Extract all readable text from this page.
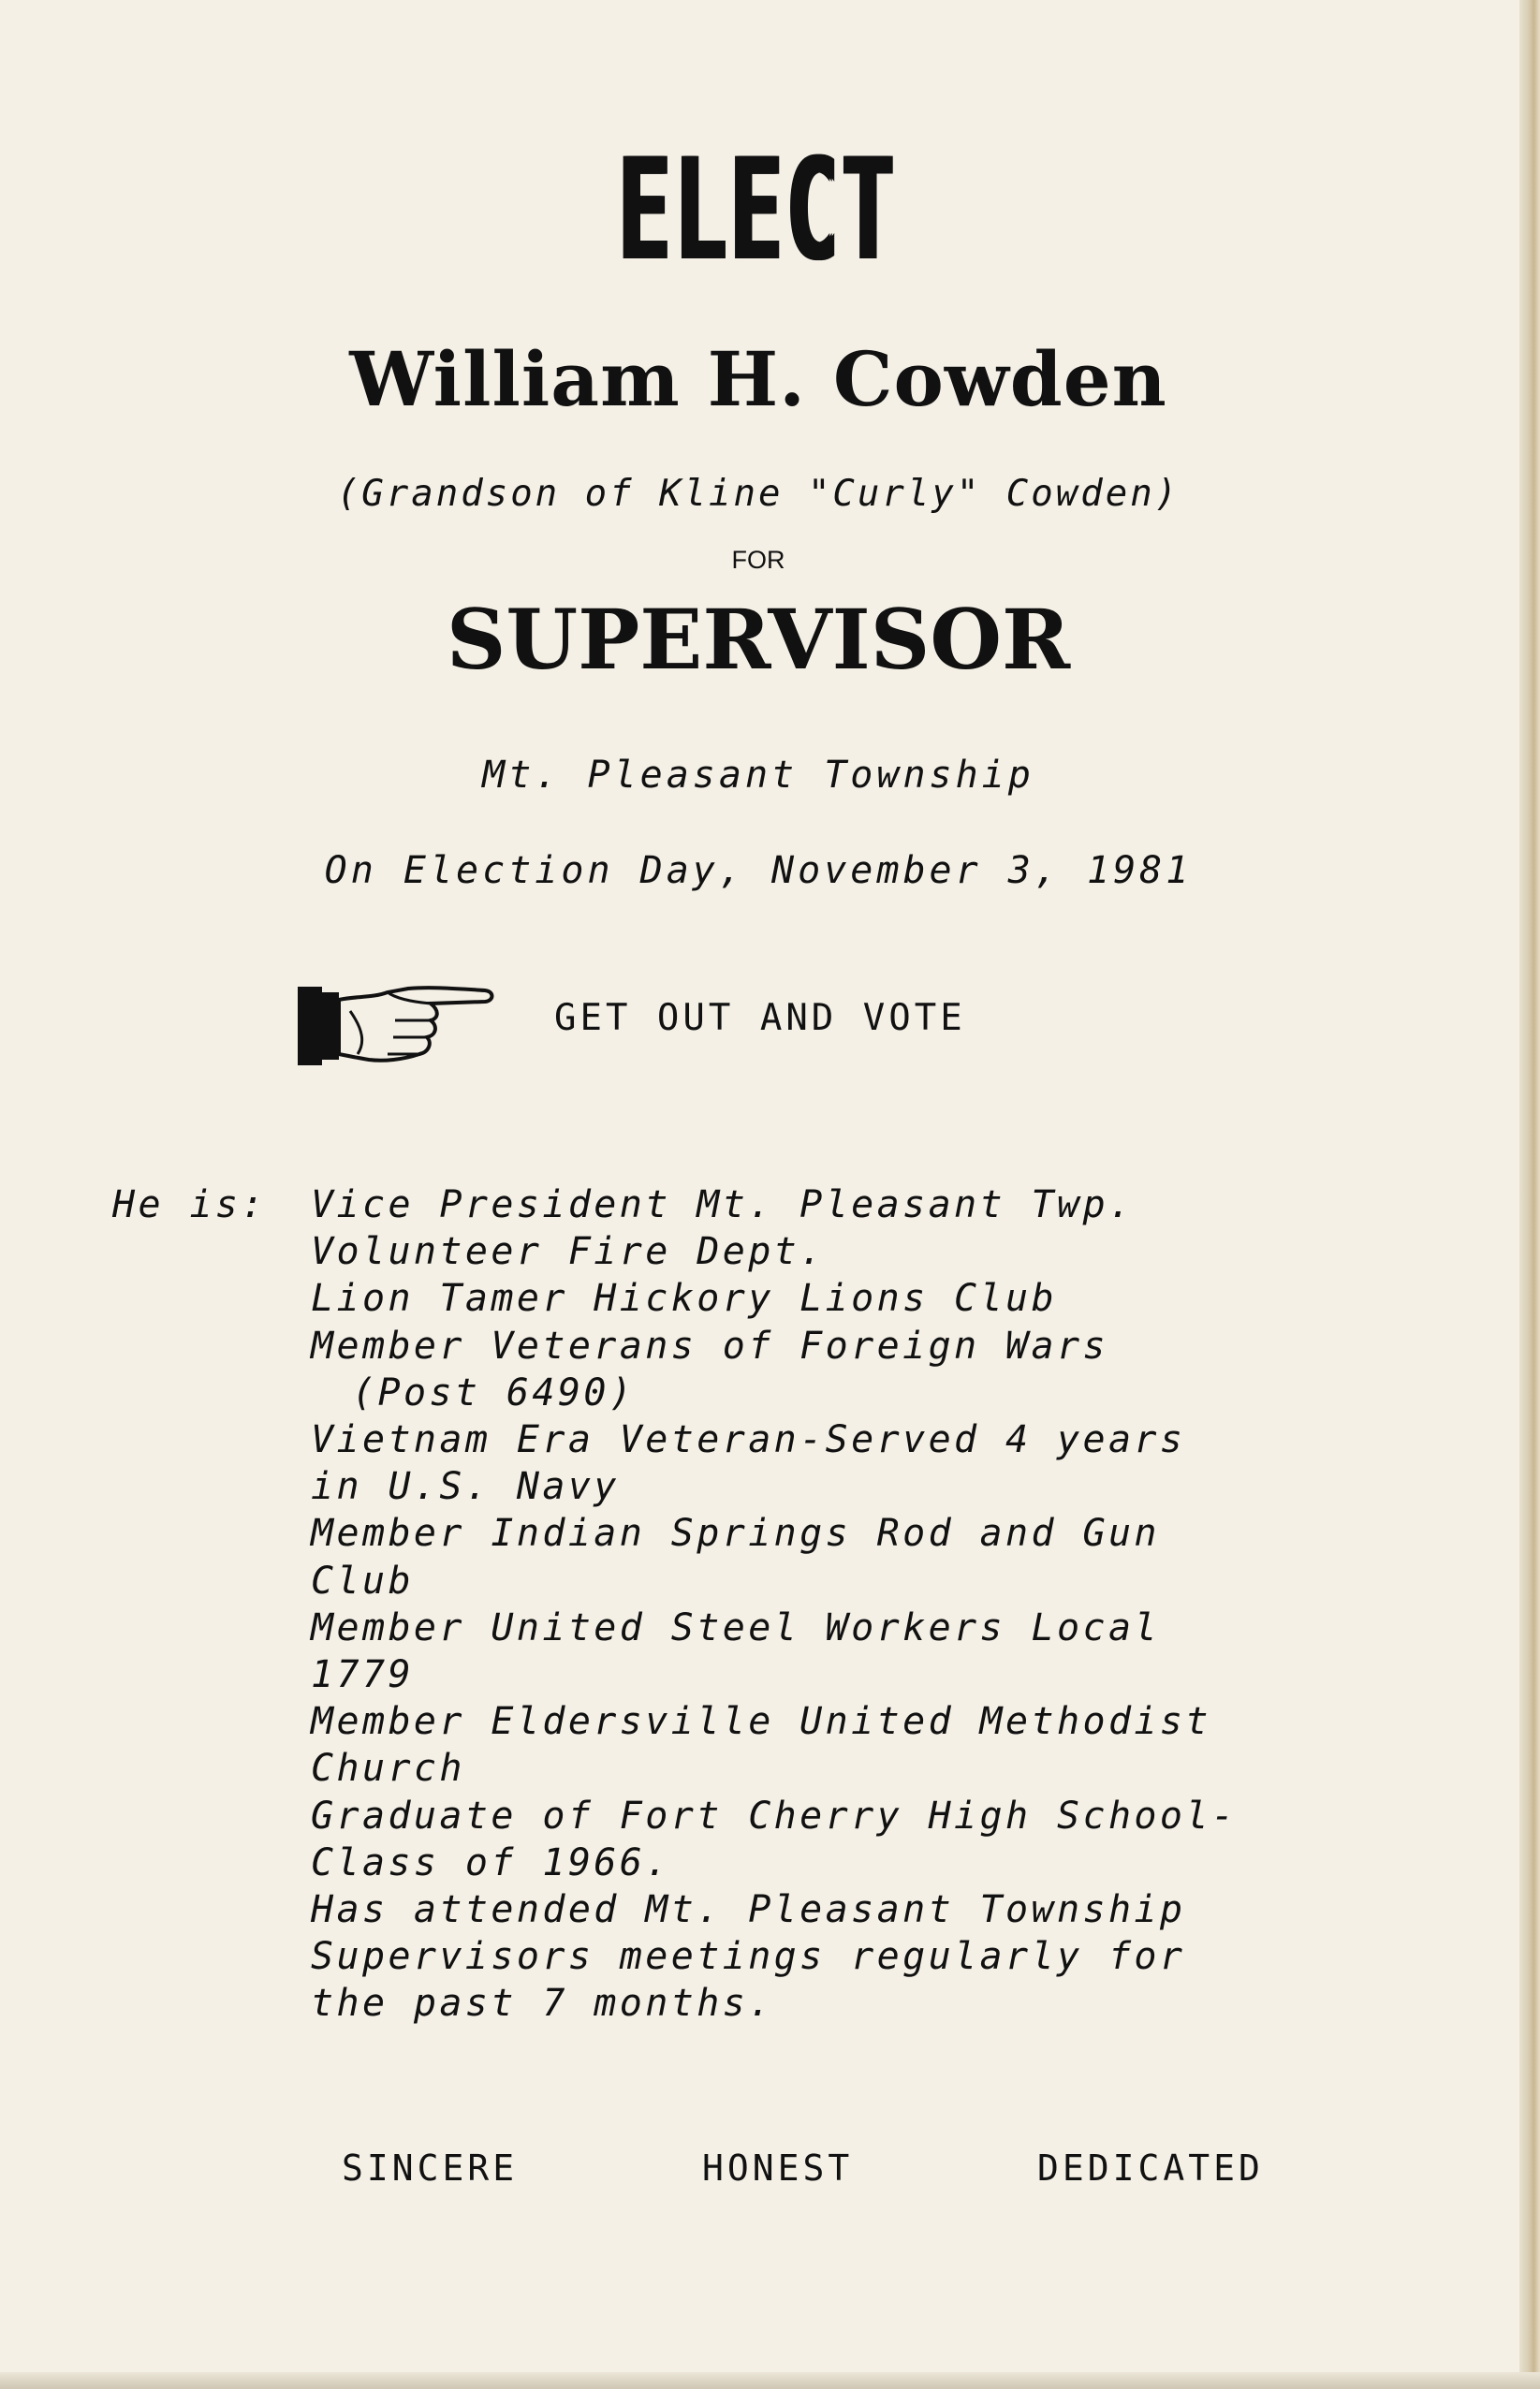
ELECT
William H. Cowden
(Grandson of Kline "Curly" Cowden)
FOR
SUPERVISOR
Mt. Pleasant Township
On Election Day, November 3, 1981
GET OUT AND VOTE
He is: Vice President Mt. Pleasant Twp.
Volunteer Fire Dept.
Lion Tamer Hickory Lions Club
Member Veterans of Foreign Wars
(Post 6490)
Vietnam Era Veteran-Served 4 years
in U.S. Navy
Member Indian Springs Rod and Gun
Club
Member United Steel Workers Local
1779
Member Eldersville United Methodist
Church
Graduate of Fort Cherry High School-
Class of 1966.
Has attended Mt. Pleasant Township
Supervisors meetings regularly for
the past 7 months.
SINCERE	HONEST	DEDICATED
